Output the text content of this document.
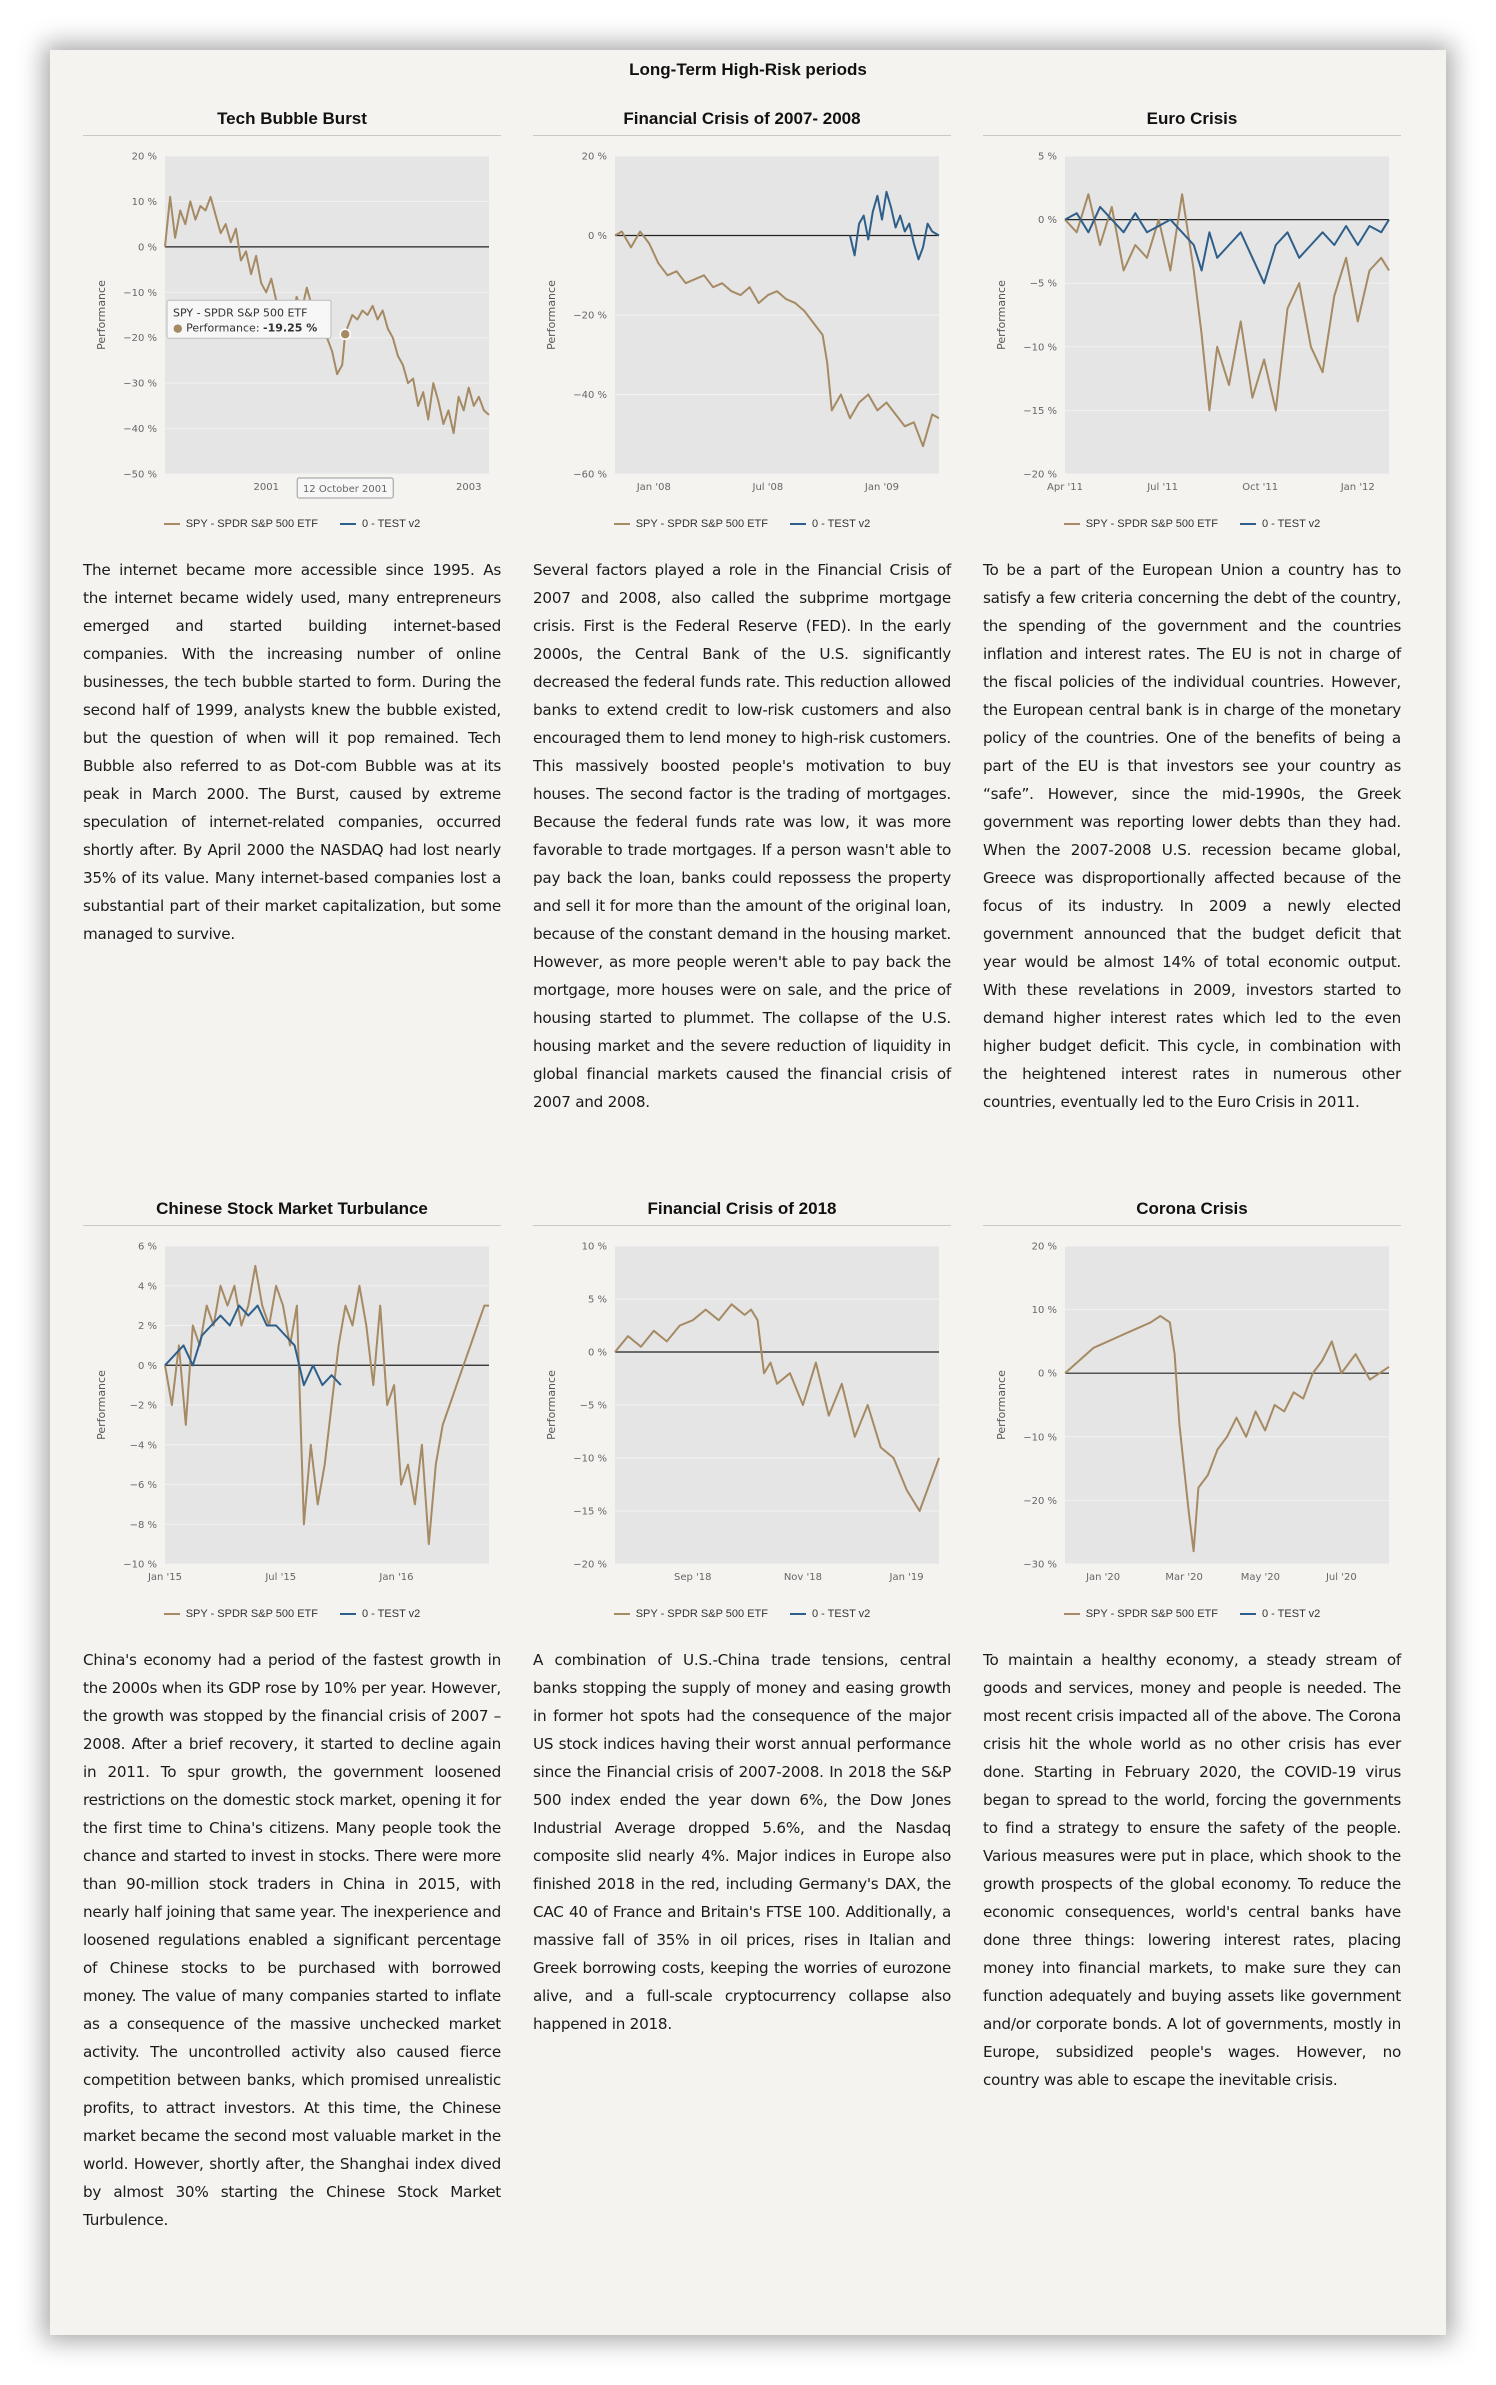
Long-Term High-Risk periods
Tech Bubble Burst
20 %
10 %
0 %
−10 %
−20 %
−30 %
−40 %
−50 %
2001	2003
Performance	SPY - SPDR S&P 500 ETF
● Performance: -19.25 %
12 October 2001
SPY - SPDR S&P 500 ETF	0 - TEST v2
The internet became more accessible since 1995. As the internet became widely used, many entrepreneurs emerged and started building internet-based companies. With the increasing number of online businesses, the tech bubble started to form. During the second half of 1999, analysts knew the bubble existed, but the question of when will it pop remained. Tech Bubble also referred to as Dot-com Bubble was at its peak in March 2000. The Burst, caused by extreme speculation of internet-related companies, occurred shortly after. By April 2000 the NASDAQ had lost nearly 35% of its value. Many internet-based companies lost a substantial part of their market capitalization, but some managed to survive.
Financial Crisis of 2007- 2008
20 %
0 %
−20 %
−40 %
−60 %
Jan '08	Jul '08	Jan '09
Performance
SPY - SPDR S&P 500 ETF	0 - TEST v2
Several factors played a role in the Financial Crisis of 2007 and 2008, also called the subprime mortgage crisis. First is the Federal Reserve (FED). In the early 2000s, the Central Bank of the U.S. significantly decreased the federal funds rate. This reduction allowed banks to extend credit to low-risk customers and also encouraged them to lend money to high-risk customers. This massively boosted people's motivation to buy houses. The second factor is the trading of mortgages. Because the federal funds rate was low, it was more favorable to trade mortgages. If a person wasn't able to pay back the loan, banks could repossess the property and sell it for more than the amount of the original loan, because of the constant demand in the housing market. However, as more people weren't able to pay back the mortgage, more houses were on sale, and the price of housing started to plummet. The collapse of the U.S. housing market and the severe reduction of liquidity in global financial markets caused the financial crisis of 2007 and 2008.
Euro Crisis
5 %
0 %
−5 %
−10 %
−15 %
−20 %
Apr '11	Jul '11	Oct '11	Jan '12
Performance
SPY - SPDR S&P 500 ETF	0 - TEST v2
To be a part of the European Union a country has to satisfy a few criteria concerning the debt of the country, the spending of the government and the countries inflation and interest rates. The EU is not in charge of the fiscal policies of the individual countries. However, the European central bank is in charge of the monetary policy of the countries. One of the benefits of being a part of the EU is that investors see your country as “safe”. However, since the mid-1990s, the Greek government was reporting lower debts than they had. When the 2007-2008 U.S. recession became global, Greece was disproportionally affected because of the focus of its industry. In 2009 a newly elected government announced that the budget deficit that year would be almost 14% of total economic output. With these revelations in 2009, investors started to demand higher interest rates which led to the even higher budget deficit. This cycle, in combination with the heightened interest rates in numerous other countries, eventually led to the Euro Crisis in 2011.
Chinese Stock Market Turbulance
6 %
4 %
2 %
0 %
−2 %
−4 %
−6 %
−8 %
−10 %
Jan '15	Jul '15	Jan '16
Performance
SPY - SPDR S&P 500 ETF	0 - TEST v2
China's economy had a period of the fastest growth in the 2000s when its GDP rose by 10% per year. However, the growth was stopped by the financial crisis of 2007 – 2008. After a brief recovery, it started to decline again in 2011. To spur growth, the government loosened restrictions on the domestic stock market, opening it for the first time to China's citizens. Many people took the chance and started to invest in stocks. There were more than 90-million stock traders in China in 2015, with nearly half joining that same year. The inexperience and loosened regulations enabled a significant percentage of Chinese stocks to be purchased with borrowed money. The value of many companies started to inflate as a consequence of the massive unchecked market activity. The uncontrolled activity also caused fierce competition between banks, which promised unrealistic profits, to attract investors. At this time, the Chinese market became the second most valuable market in the world. However, shortly after, the Shanghai index dived by almost 30% starting the Chinese Stock Market Turbulence.
Financial Crisis of 2018
10 %
5 %
0 %
−5 %
−10 %
−15 %
−20 %
Sep '18	Nov '18	Jan '19
Performance
SPY - SPDR S&P 500 ETF	0 - TEST v2
A combination of U.S.-China trade tensions, central banks stopping the supply of money and easing growth in former hot spots had the consequence of the major US stock indices having their worst annual performance since the Financial crisis of 2007-2008. In 2018 the S&P 500 index ended the year down 6%, the Dow Jones Industrial Average dropped 5.6%, and the Nasdaq composite slid nearly 4%. Major indices in Europe also finished 2018 in the red, including Germany's DAX, the CAC 40 of France and Britain's FTSE 100. Additionally, a massive fall of 35% in oil prices, rises in Italian and Greek borrowing costs, keeping the worries of eurozone alive, and a full-scale cryptocurrency collapse also happened in 2018.
Corona Crisis
20 %
10 %
0 %
−10 %
−20 %
−30 %
Jan '20	Mar '20	May '20	Jul '20
Performance
SPY - SPDR S&P 500 ETF	0 - TEST v2
To maintain a healthy economy, a steady stream of goods and services, money and people is needed. The most recent crisis impacted all of the above. The Corona crisis hit the whole world as no other crisis has ever done. Starting in February 2020, the COVID-19 virus began to spread to the world, forcing the governments to find a strategy to ensure the safety of the people. Various measures were put in place, which shook to the growth prospects of the global economy. To reduce the economic consequences, world's central banks have done three things: lowering interest rates, placing money into financial markets, to make sure they can function adequately and buying assets like government and/or corporate bonds. A lot of governments, mostly in Europe, subsidized people's wages. However, no country was able to escape the inevitable crisis.
